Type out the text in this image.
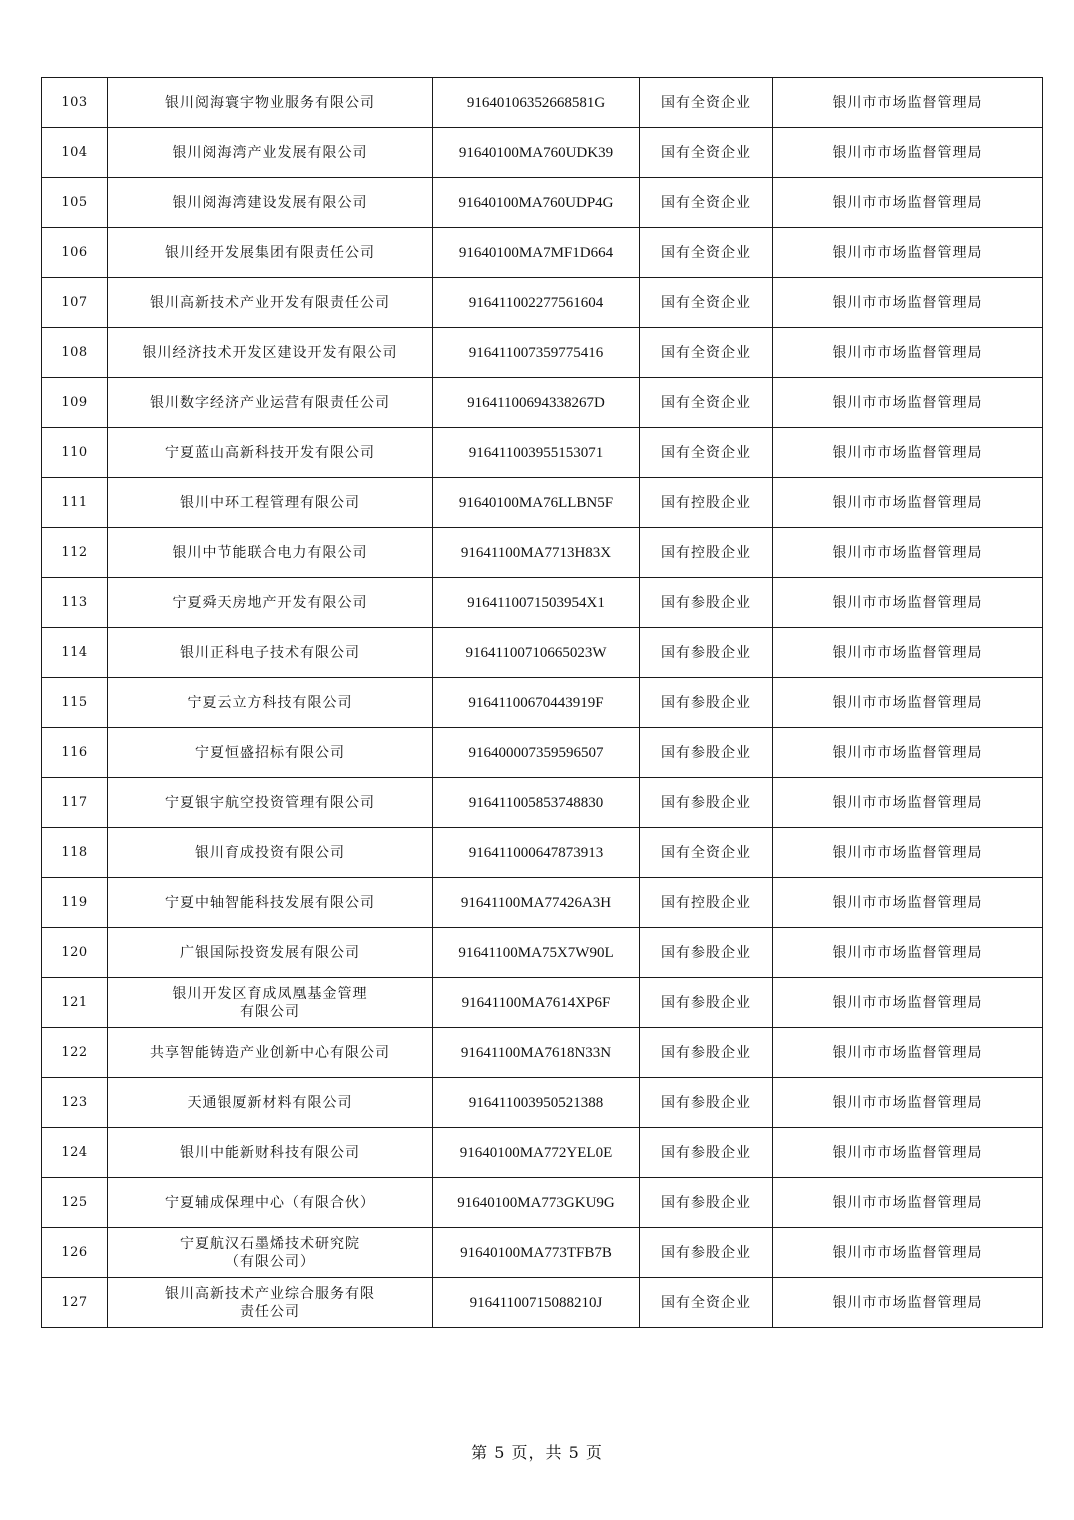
103	银川阅海寰宇物业服务有限公司	91640106352668581G	国有全资企业	银川市市场监督管理局
104	银川阅海湾产业发展有限公司	91640100MA760UDK39	国有全资企业	银川市市场监督管理局
105	银川阅海湾建设发展有限公司	91640100MA760UDP4G	国有全资企业	银川市市场监督管理局
106	银川经开发展集团有限责任公司	91640100MA7MF1D664	国有全资企业	银川市市场监督管理局
107	银川高新技术产业开发有限责任公司	916411002277561604	国有全资企业	银川市市场监督管理局
108	银川经济技术开发区建设开发有限公司	916411007359775416	国有全资企业	银川市市场监督管理局
109	银川数字经济产业运营有限责任公司	91641100694338267D	国有全资企业	银川市市场监督管理局
110	宁夏蓝山高新科技开发有限公司	916411003955153071	国有全资企业	银川市市场监督管理局
111	银川中环工程管理有限公司	91640100MA76LLBN5F	国有控股企业	银川市市场监督管理局
112	银川中节能联合电力有限公司	91641100MA7713H83X	国有控股企业	银川市市场监督管理局
113	宁夏舜天房地产开发有限公司	9164110071503954X1	国有参股企业	银川市市场监督管理局
114	银川正科电子技术有限公司	91641100710665023W	国有参股企业	银川市市场监督管理局
115	宁夏云立方科技有限公司	91641100670443919F	国有参股企业	银川市市场监督管理局
116	宁夏恒盛招标有限公司	916400007359596507	国有参股企业	银川市市场监督管理局
117	宁夏银宇航空投资管理有限公司	916411005853748830	国有参股企业	银川市市场监督管理局
118	银川育成投资有限公司	916411000647873913	国有全资企业	银川市市场监督管理局
119	宁夏中轴智能科技发展有限公司	91641100MA77426A3H	国有控股企业	银川市市场监督管理局
120	广银国际投资发展有限公司	91641100MA75X7W90L	国有参股企业	银川市市场监督管理局
121	银川开发区育成凤凰基金管理
有限公司	91641100MA7614XP6F	国有参股企业	银川市市场监督管理局
122	共享智能铸造产业创新中心有限公司	91641100MA7618N33N	国有参股企业	银川市市场监督管理局
123	天通银厦新材料有限公司	916411003950521388	国有参股企业	银川市市场监督管理局
124	银川中能新财科技有限公司	91640100MA772YEL0E	国有参股企业	银川市市场监督管理局
125	宁夏辅成保理中心（有限合伙）	91640100MA773GKU9G	国有参股企业	银川市市场监督管理局
126	宁夏航汉石墨烯技术研究院
（有限公司）	91640100MA773TFB7B	国有参股企业	银川市市场监督管理局
127	银川高新技术产业综合服务有限
责任公司	91641100715088210J	国有全资企业	银川市市场监督管理局
第 5 页，共 5 页
